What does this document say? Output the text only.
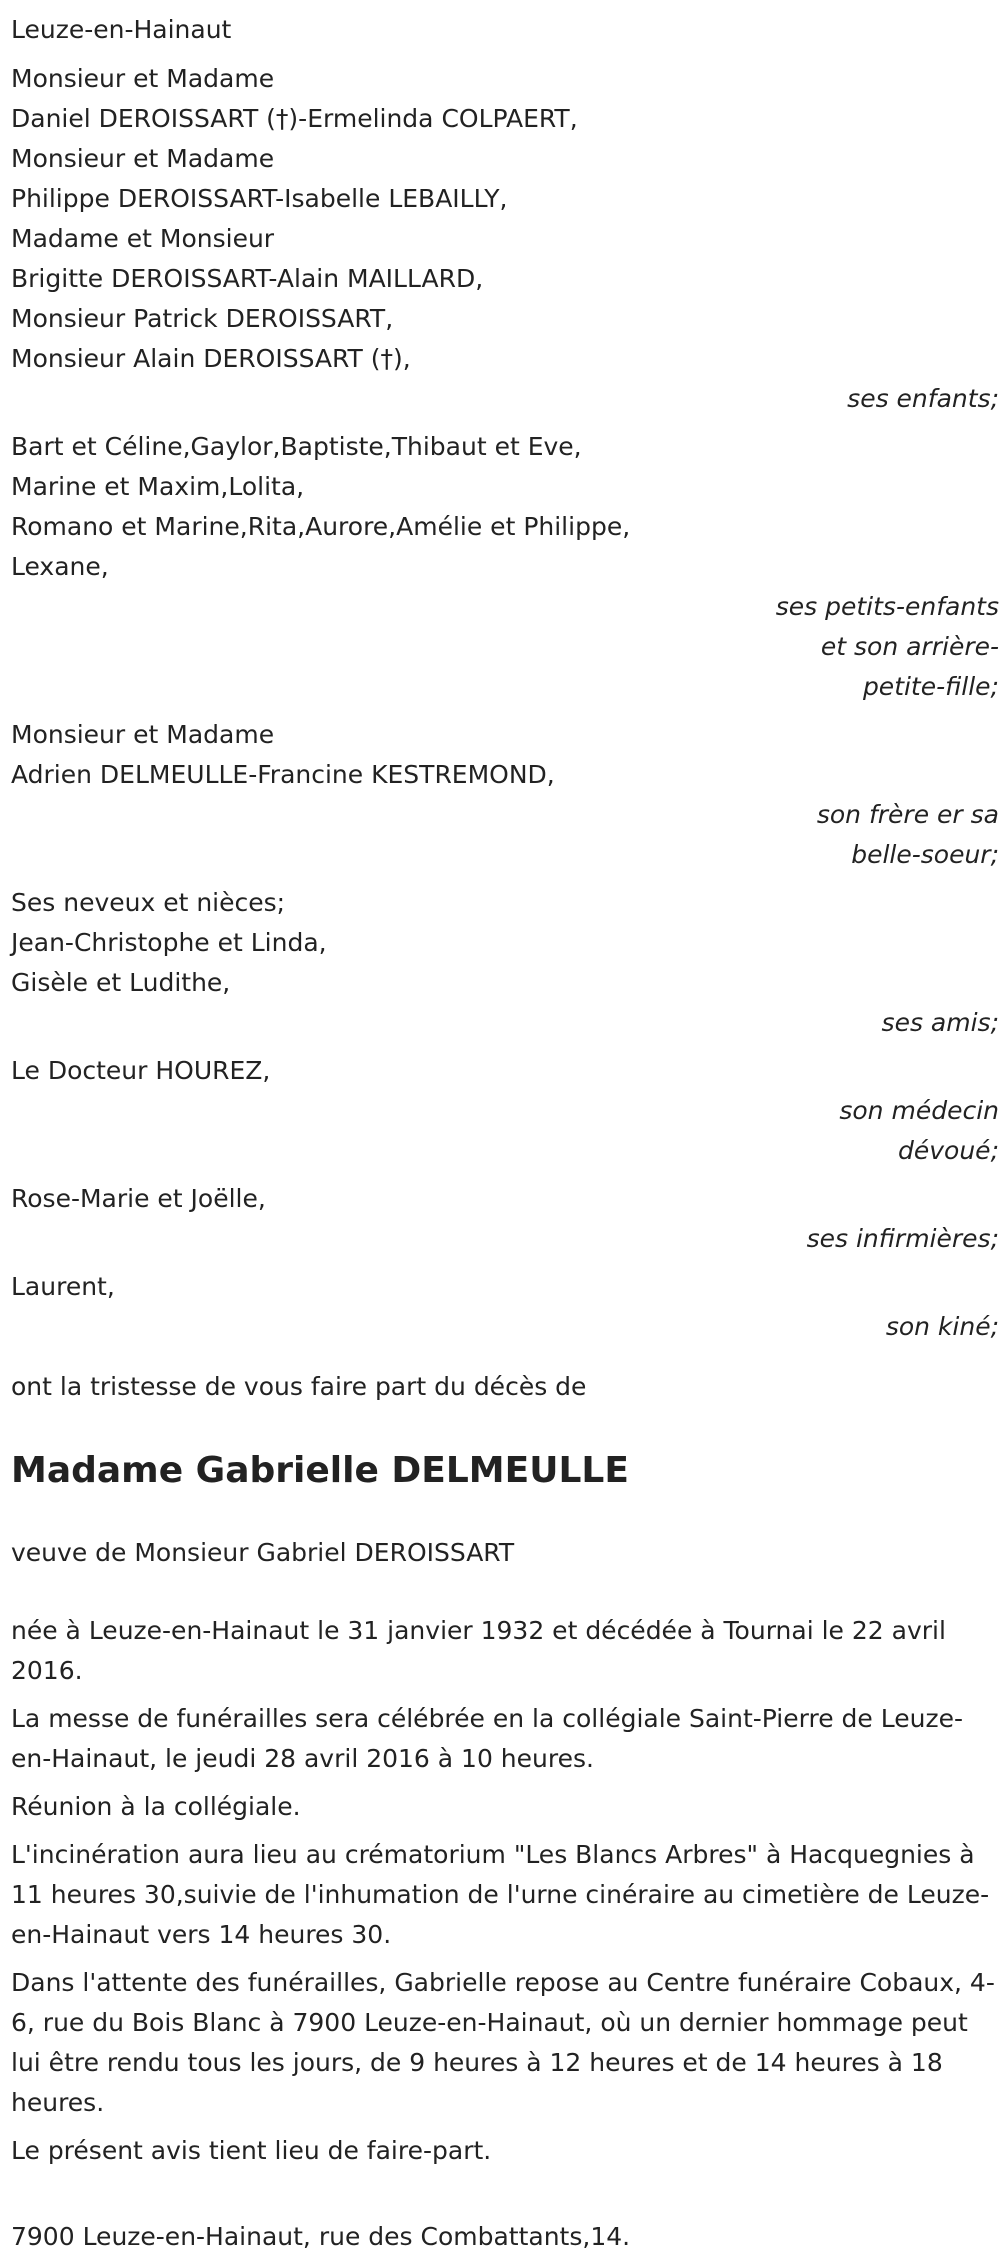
Leuze-en-Hainaut
Monsieur et Madame
Daniel DEROISSART (†)-Ermelinda COLPAERT,
Monsieur et Madame
Philippe DEROISSART-Isabelle LEBAILLY,
Madame et Monsieur
Brigitte DEROISSART-Alain MAILLARD,
Monsieur Patrick DEROISSART,
Monsieur Alain DEROISSART (†),
ses enfants;
Bart et Céline,Gaylor,Baptiste,Thibaut et Eve,
Marine et Maxim,Lolita,
Romano et Marine,Rita,Aurore,Amélie et Philippe,
Lexane,
ses petits-enfants
et son arrière-
petite-fille;
Monsieur et Madame
Adrien DELMEULLE-Francine KESTREMOND,
son frère er sa
belle-soeur;
Ses neveux et nièces;
Jean-Christophe et Linda,
Gisèle et Ludithe,
ses amis;
Le Docteur HOUREZ,
son médecin
dévoué;
Rose-Marie et Joëlle,
ses infirmières;
Laurent,
son kiné;
ont la tristesse de vous faire part du décès de
Madame Gabrielle DELMEULLE
veuve de Monsieur Gabriel DEROISSART
née à Leuze-en-Hainaut le 31 janvier 1932 et décédée à Tournai le 22 avril 2016.
La messe de funérailles sera célébrée en la collégiale Saint-Pierre de Leuze-en-Hainaut, le jeudi 28 avril 2016 à 10 heures.
Réunion à la collégiale.
L'incinération aura lieu au crématorium "Les Blancs Arbres" à Hacquegnies à 11 heures 30,suivie de l'inhumation de l'urne cinéraire au cimetière de Leuze-en-Hainaut vers 14 heures 30.
Dans l'attente des funérailles, Gabrielle repose au Centre funéraire Cobaux, 4-6, rue du Bois Blanc à 7900 Leuze-en-Hainaut, où un dernier hommage peut lui être rendu tous les jours, de 9 heures à 12 heures et de 14 heures à 18 heures.
Le présent avis tient lieu de faire-part.
7900 Leuze-en-Hainaut, rue des Combattants,14.
